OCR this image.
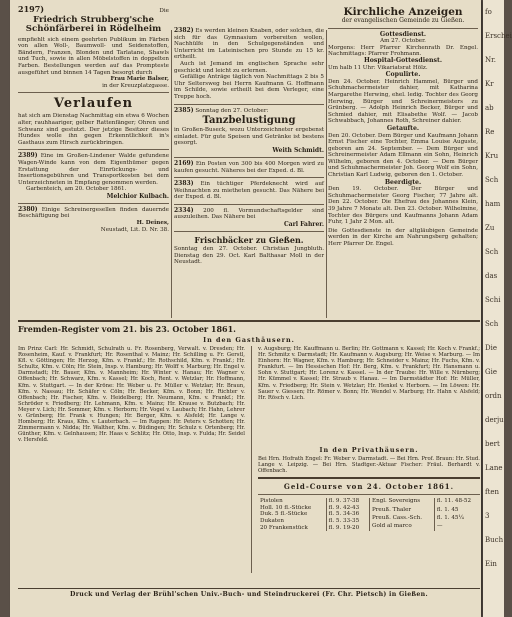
2197)	Die
Friedrich Strubberg'sche Schönfärberei in Rödelheim
empfiehlt sich einem geehrten Publikum im Färben von allen Woll-, Baumwoll- und Seidenstoffen, Bändern, Franzen, Blonden und Tarlatane, Shawls und Tuch, sowie in allen Möbelstoffen in doppelten Farben. Bestellungen werden auf das Prompteste ausgeführt und binnen 14 Tagen besorgt durch
Frau Marie Balser,
in der Kreuzplatzgasse.
Verlaufen
hat sich am Dienstag Nachmittag ein etwa 6 Wochen alter, rauhhaariger, gelber Rattenfänger; Ohren und Schwanz sind gestutzt. Der jetzige Besitzer dieses Hundes wolle ihn gegen Erkenntlichkeit in's Gasthaus zum Hirsch zurückbringen.
2389) Eine im Großen-Lindener Walde gefundene Wagen-Winde kann von dem Eigenthümer gegen Erstattung der Einrückungs- und Insertionsgebühren und Transportkosten bei dem Unterzeichneten in Empfang genommen werden.
Garbenteich, am 20. October 1861.
Melchior Kulbach.
2380) Einige Schreinergesellen finden dauernde Beschäftigung bei
H. Deines,
Neustadt, Lit. D. Nr. 38.
2382) Es werden kleinen Knaben, oder solchen, die sich für das Gymnasium vorbereiten wollen, Nachhülfe in den Schulgegenständen und Unterricht im Lateinischen pro Stunde zu 15 kr. ertheilt.
Auch ist Jemand im englischen Sprache sehr geschickt und leicht zu erlernen.
Gefällige Anträge täglich von Nachmittags 2 bis 5 Uhr Seltersweg bei Herrn Kaufmann G. Hoffmann im Schilde, sowie ertheilt bei dem Verleger, eine Treppe hoch.
2385) Sonntag den 27. October:
Tanzbelustigung
in Großen-Buseck, wozu Unterzeichneter ergebenst einladet. Für gute Speisen und Getränke ist bestens gesorgt.
Weith Schmidt.
2169) Ein Posten von 300 bis 400 Morgen wird zu kaufen gesucht. Näheres bei der Exped. d. Bl.
2383) Ein tüchtiger Pferdeknecht wird auf Weihnachten zu mietheten gesucht. Das Nähere bei der Exped. d. Bl.
2334) 200 fl. Vormundschaftsgelder sind auszuleihen. Das Nähere bei
Carl Fahrer.
Frischbäcker zu Gießen.
Sonntag den 27. October. Christian Jungbluth. Dienstag den 29. Oct. Karl Balthasar Moll in der Neustadt.
Kirchliche Anzeigen
der evangelischen Gemeinde zu Gießen.
Gottesdienst.
Am 27. October.
Morgens: Herr Pfarrer Kirchenrath Dr. Engel. Nachmittags: Pfarrer Frohmann.
Hospital-Gottesdienst.
Um halb 11 Uhr: Vikariatsrat Hölz.
Copulirte.
Den 24. October. Heinrich Hammel, Bürger und Schuhmachermeister dahier, mit Katharina Margarethe Herwing, ehel. ledig. Tochter des Georg Herwing, Bürger und Schreinermeisters zu Grünberg. — Adolph Heinrich Becker, Bürger und Schmied dahier, mit Elisabethe Wolf. — Jacob Schwabbach, Johannes Roth, Schreiner dahier.
Getaufte.
Den 20. October. Dem Bürger und Kaufmann Johann Ernst Fischer eine Tochter, Emma Louise Auguste, geboren am 24. September. — Dem Bürger und Schreinermeister Adam Ellmann ein Sohn, Heinrich Wilhelm, geboren den 4. October. — Dem Bürger und Schuhmachermeister Joh. Georg Wolf ein Sohn, Christian Karl Ludwig, geboren den 1. October.
Beerdigte.
Den 19. October. Der Bürger und Schuhmachermeister Georg Fischer, 77 Jahre alt. Den 22. October. Die Ehefrau des Johannes Klein, 39 Jahre 7 Monate alt. Den 23. October. Wilhelmine, Tochter des Bürgers und Kaufmanns Johann Adam Fuhr, 1 Jahr 2 Mon. alt.
Die Gottesdienste in der altgläubigen Gemeinde werden in der Kirche am Nahrungsberg gehalten; Herr Pfarrer Dr. Engel.
Fremden-Register vom 21. bis 23. October 1861.
In den Gasthäusern.
Im Prinz Carl: Hr. Schmidt, Schulrath u. Fr. Rosenberg, Verwalt. v. Dresden; Hr. Rosenheim, Kauf. v. Frankfurt; Hr. Rosenthal v. Mainz; Hr. Schilling u. Fr. Gerstl, Kfl. v. Göttingen; Hr. Herzog, Kfm. v. Frankf.; Hr. Rothschild, Kfm. v. Frankf.; Hr. Schultz, Kfm. v. Cöln; Hr. Stein, Insp. v. Hamburg; Hr. Wolff v. Marburg; Hr. Engel v. Darmstadt; Hr. Bauer, Kfm. v. Mannheim; Hr. Winter v. Hanau; Hr. Wagner v. Offenbach; Hr. Schwarz, Kfm. v. Kassel; Hr. Koch, Rent. v. Wetzlar; Hr. Hoffmann, Kfm. v. Stuttgart. — In der Kröne: Hr. Weber u. Fr. Müller v. Wetzlar; Hr. Braun, Kfm. v. Nassau; Hr. Schäfer v. Cöln; Hr. Becker, Kfm. v. Bonn; Hr. Richter v. Offenbach; Hr. Fischer, Kfm. v. Heidelberg; Hr. Neumann, Kfm. v. Frankf.; Hr. Schröder v. Friedberg; Hr. Lehmann, Kfm. v. Mainz; Hr. Krause v. Butzbach; Hr. Meyer v. Lich; Hr. Sommer, Kfm. v. Herborn; Hr. Vogel v. Laubach; Hr. Hahn, Lehrer v. Grünberg; Hr. Frank v. Hungen; Hr. Berger, Kfm. v. Alsfeld; Hr. Lange v. Homberg; Hr. Kraus, Kfm. v. Lauterbach. — Im Rappen: Hr. Peters v. Schotten; Hr. Zimmermann v. Nidda; Hr. Walther, Kfm. v. Büdingen; Hr. Schulz v. Ortenberg; Hr. Günther, Kfm. v. Gelnhausen; Hr. Haas v. Schlitz; Hr. Otto, Insp. v. Fulda; Hr. Seidel v. Hersfeld.
v. Augsburg; Hr. Kauffmann u. Berlin; Hr. Gottmann v. Kassel; Hr. Koch v. Frankf.; Hr. Schmitz v. Darmstadt; Hr. Kaufmann v. Augsburg; Hr. Weise v. Marburg. — Im Einhorn: Hr. Wagner, Kfm. v. Hamburg; Hr. Schneider v. Mainz; Hr. Fuchs, Kfm. v. Frankfurt. — Im Hessischen Hof: Hr. Berg, Kfm. v. Frankfurt; Hr. Hansmann u. Sohn v. Stuttgart; Hr. Lorenz v. Kassel. — In der Traube: Hr. Wille v. Nürnberg; Hr. Kümmel v. Kassel; Hr. Straub v. Hanau. — Im Darmstädter Hof: Hr. Müller, Kfm. v. Friedberg; Hr. Stein v. Wetzlar; Hr. Henkel v. Herborn. — Im Löwen: Hr. Sauer v. Giessen; Hr. Römer v. Bonn; Hr. Wendel v. Marburg; Hr. Hahn v. Alsfeld; Hr. Rösch v. Lich.
In den Privathäusern.
Bei Hrn. Hofrath Engel: Fr. Weber v. Darmstadt. — Bei Hrn. Prof. Braun: Hr. Stud. Lange v. Leipzig. — Bei Hrn. Stadtger.-Aktuar Fischer: Fräul. Berhardt v. Offenbach.
Geld-Course von 24. October 1861.
Pistolen	fl. 9. 37-38
Holl. 10 fl.-Stücke	fl. 9. 42-43
Duk. 5 fl.-Stücke	fl. 5. 34-36
Dukaten	fl. 5. 33-35
20 Frankenstück	fl. 9. 19-20
Engl. Sovereigns	fl. 11. 48-52
Preuß. Thaler	fl. 1. 45
Preuß. Cass.-Sch.	fl. 1. 45¼
Gold al marco	—
Druck und Verlag der Brühl'schen Univ.-Buch- und Steindruckerei (Fr. Chr. Pietsch) in Gießen.
fo
Erschei
Nr.
Kr
ab
Re
Kru
Sch
ham
Zu
Sch
das
Schi
Sch
Die
Gie
ordn
derju
bert
Lane
ften
3
Buch
Ein
